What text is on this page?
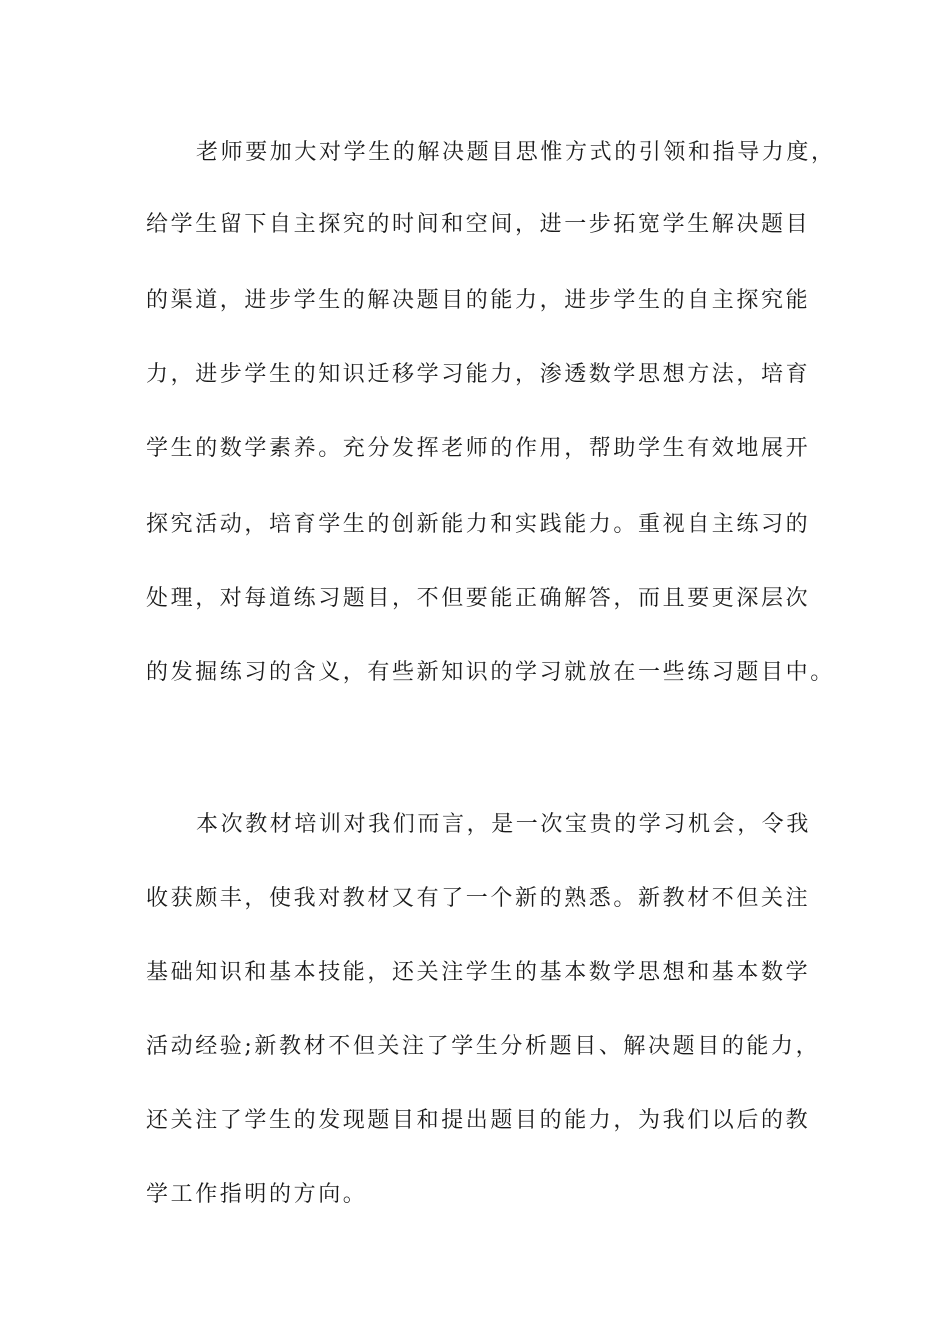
老师要加大对学生的解决题目思惟方式的引领和指导力度，
给学生留下自主探究的时间和空间，进一步拓宽学生解决题目
的渠道，进步学生的解决题目的能力，进步学生的自主探究能
力，进步学生的知识迁移学习能力，渗透数学思想方法，培育
学生的数学素养。充分发挥老师的作用，帮助学生有效地展开
探究活动，培育学生的创新能力和实践能力。重视自主练习的
处理，对每道练习题目，不但要能正确解答，而且要更深层次
的发掘练习的含义，有些新知识的学习就放在一些练习题目中。
本次教材培训对我们而言，是一次宝贵的学习机会，令我
收获颇丰，使我对教材又有了一个新的熟悉。新教材不但关注
基础知识和基本技能，还关注学生的基本数学思想和基本数学
活动经验;新教材不但关注了学生分析题目、解决题目的能力，
还关注了学生的发现题目和提出题目的能力，为我们以后的教
学工作指明的方向。
